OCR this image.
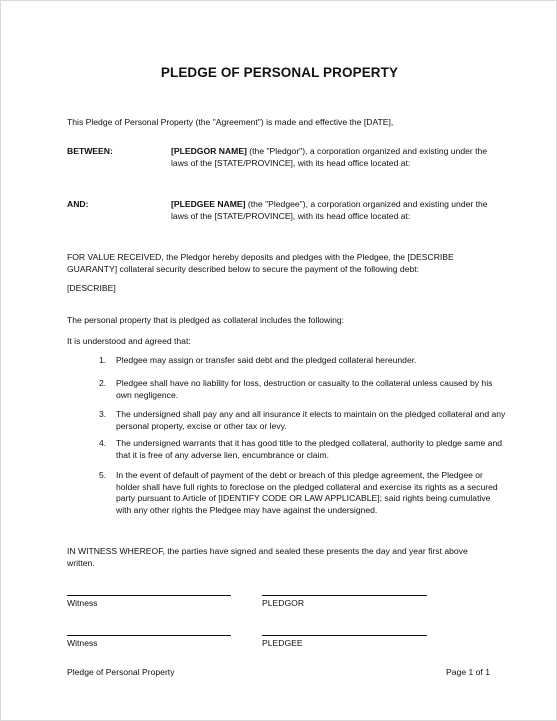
PLEDGE OF PERSONAL PROPERTY
This Pledge of Personal Property (the "Agreement") is made and effective the [DATE],
BETWEEN:	[PLEDGOR NAME] (the "Pledgor"), a corporation organized and existing under the laws of the [STATE/PROVINCE], with its head office located at:
AND:	[PLEDGEE NAME] (the "Pledgee"), a corporation organized and existing under the laws of the [STATE/PROVINCE], with its head office located at:
FOR VALUE RECEIVED, the Pledgor hereby deposits and pledges with the Pledgee, the [DESCRIBE GUARANTY] collateral security described below to secure the payment of the following debt:
[DESCRIBE]
The personal property that is pledged as collateral includes the following:
It is understood and agreed that:
1.	Pledgee may assign or transfer said debt and the pledged collateral hereunder.
2.	Pledgee shall have no liability for loss, destruction or casualty to the collateral unless caused by his own negligence.
3.	The undersigned shall pay any and all insurance it elects to maintain on the pledged collateral and any personal property, excise or other tax or levy.
4.	The undersigned warrants that it has good title to the pledged collateral, authority to pledge same and that it is free of any adverse lien, encumbrance or claim.
5.	In the event of default of payment of the debt or breach of this pledge agreement, the Pledgee or holder shall have full rights to foreclose on the pledged collateral and exercise its rights as a secured party pursuant to Article of [IDENTIFY CODE OR LAW APPLICABLE]; said rights being cumulative with any other rights the Pledgee may have against the undersigned.
IN WITNESS WHEREOF, the parties have signed and sealed these presents the day and year first above written.
Witness	PLEDGOR
Witness	PLEDGEE
Pledge of Personal Property	Page 1 of 1
